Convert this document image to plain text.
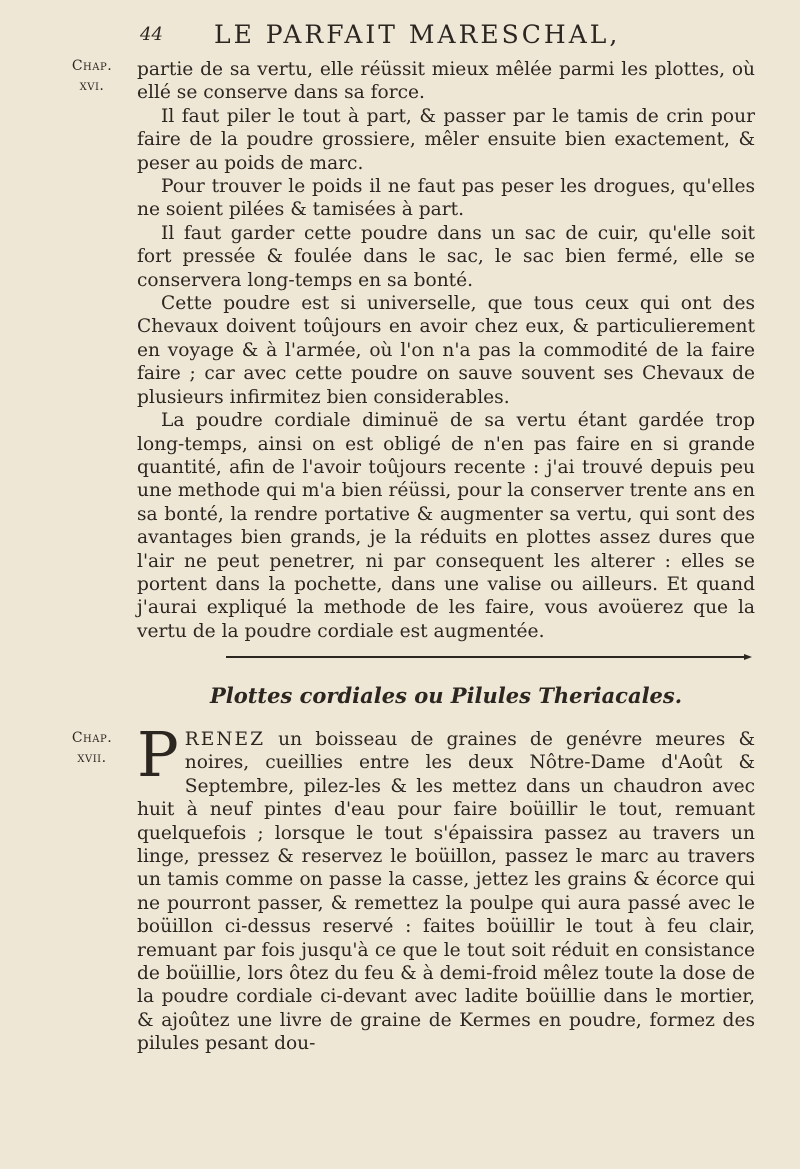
44 LE PARFAIT MARESCHAL,
Chap.
xvi.

partie de sa vertu, elle réüssit mieux mêlée parmi les plottes, où ellé se conserve dans sa force.

Il faut piler le tout à part, & passer par le tamis de crin pour faire de la poudre grossiere, mêler ensuite bien exactement, & peser au poids de marc.

Pour trouver le poids il ne faut pas peser les drogues, qu'elles ne soient pilées & tamisées à part.

Il faut garder cette poudre dans un sac de cuir, qu'elle soit fort pressée & foulée dans le sac, le sac bien fermé, elle se conservera long-temps en sa bonté.

Cette poudre est si universelle, que tous ceux qui ont des Chevaux doivent toûjours en avoir chez eux, & particulierement en voyage & à l'armée, où l'on n'a pas la commodité de la faire faire ; car avec cette poudre on sauve souvent ses Chevaux de plusieurs infirmitez bien considerables.

La poudre cordiale diminuë de sa vertu étant gardée trop long-temps, ainsi on est obligé de n'en pas faire en si grande quantité, afin de l'avoir toûjours recente : j'ai trouvé depuis peu une methode qui m'a bien réüssi, pour la conserver trente ans en sa bonté, la rendre portative & augmenter sa vertu, qui sont des avantages bien grands, je la réduits en plottes assez dures que l'air ne peut penetrer, ni par consequent les alterer : elles se portent dans la pochette, dans une valise ou ailleurs. Et quand j'aurai expliqué la methode de les faire, vous avoüerez que la vertu de la poudre cordiale est augmentée.

Plottes cordiales ou Pilules Theriacales.
Chap.
xvii. PRENEZ un boisseau de graines de genévre meures & noires, cueillies entre les deux Nôtre-Dame d'Août & Septembre, pilez-les & les mettez dans un chaudron avec huit à neuf pintes d'eau pour faire boüillir le tout, remuant quelquefois ; lorsque le tout s'épaissira passez au travers un linge, pressez & reservez le boüillon, passez le marc au travers un tamis comme on passe la casse, jettez les grains & écorce qui ne pourront passer, & remettez la poulpe qui aura passé avec le boüillon ci-dessus reservé : faites boüillir le tout à feu clair, remuant par fois jusqu'à ce que le tout soit réduit en consistance de boüillie, lors ôtez du feu & à demi-froid mêlez toute la dose de la poudre cordiale ci-devant avec ladite boüillie dans le mortier, & ajoûtez une livre de graine de Kermes en poudre, formez des pilules pesant dou-
